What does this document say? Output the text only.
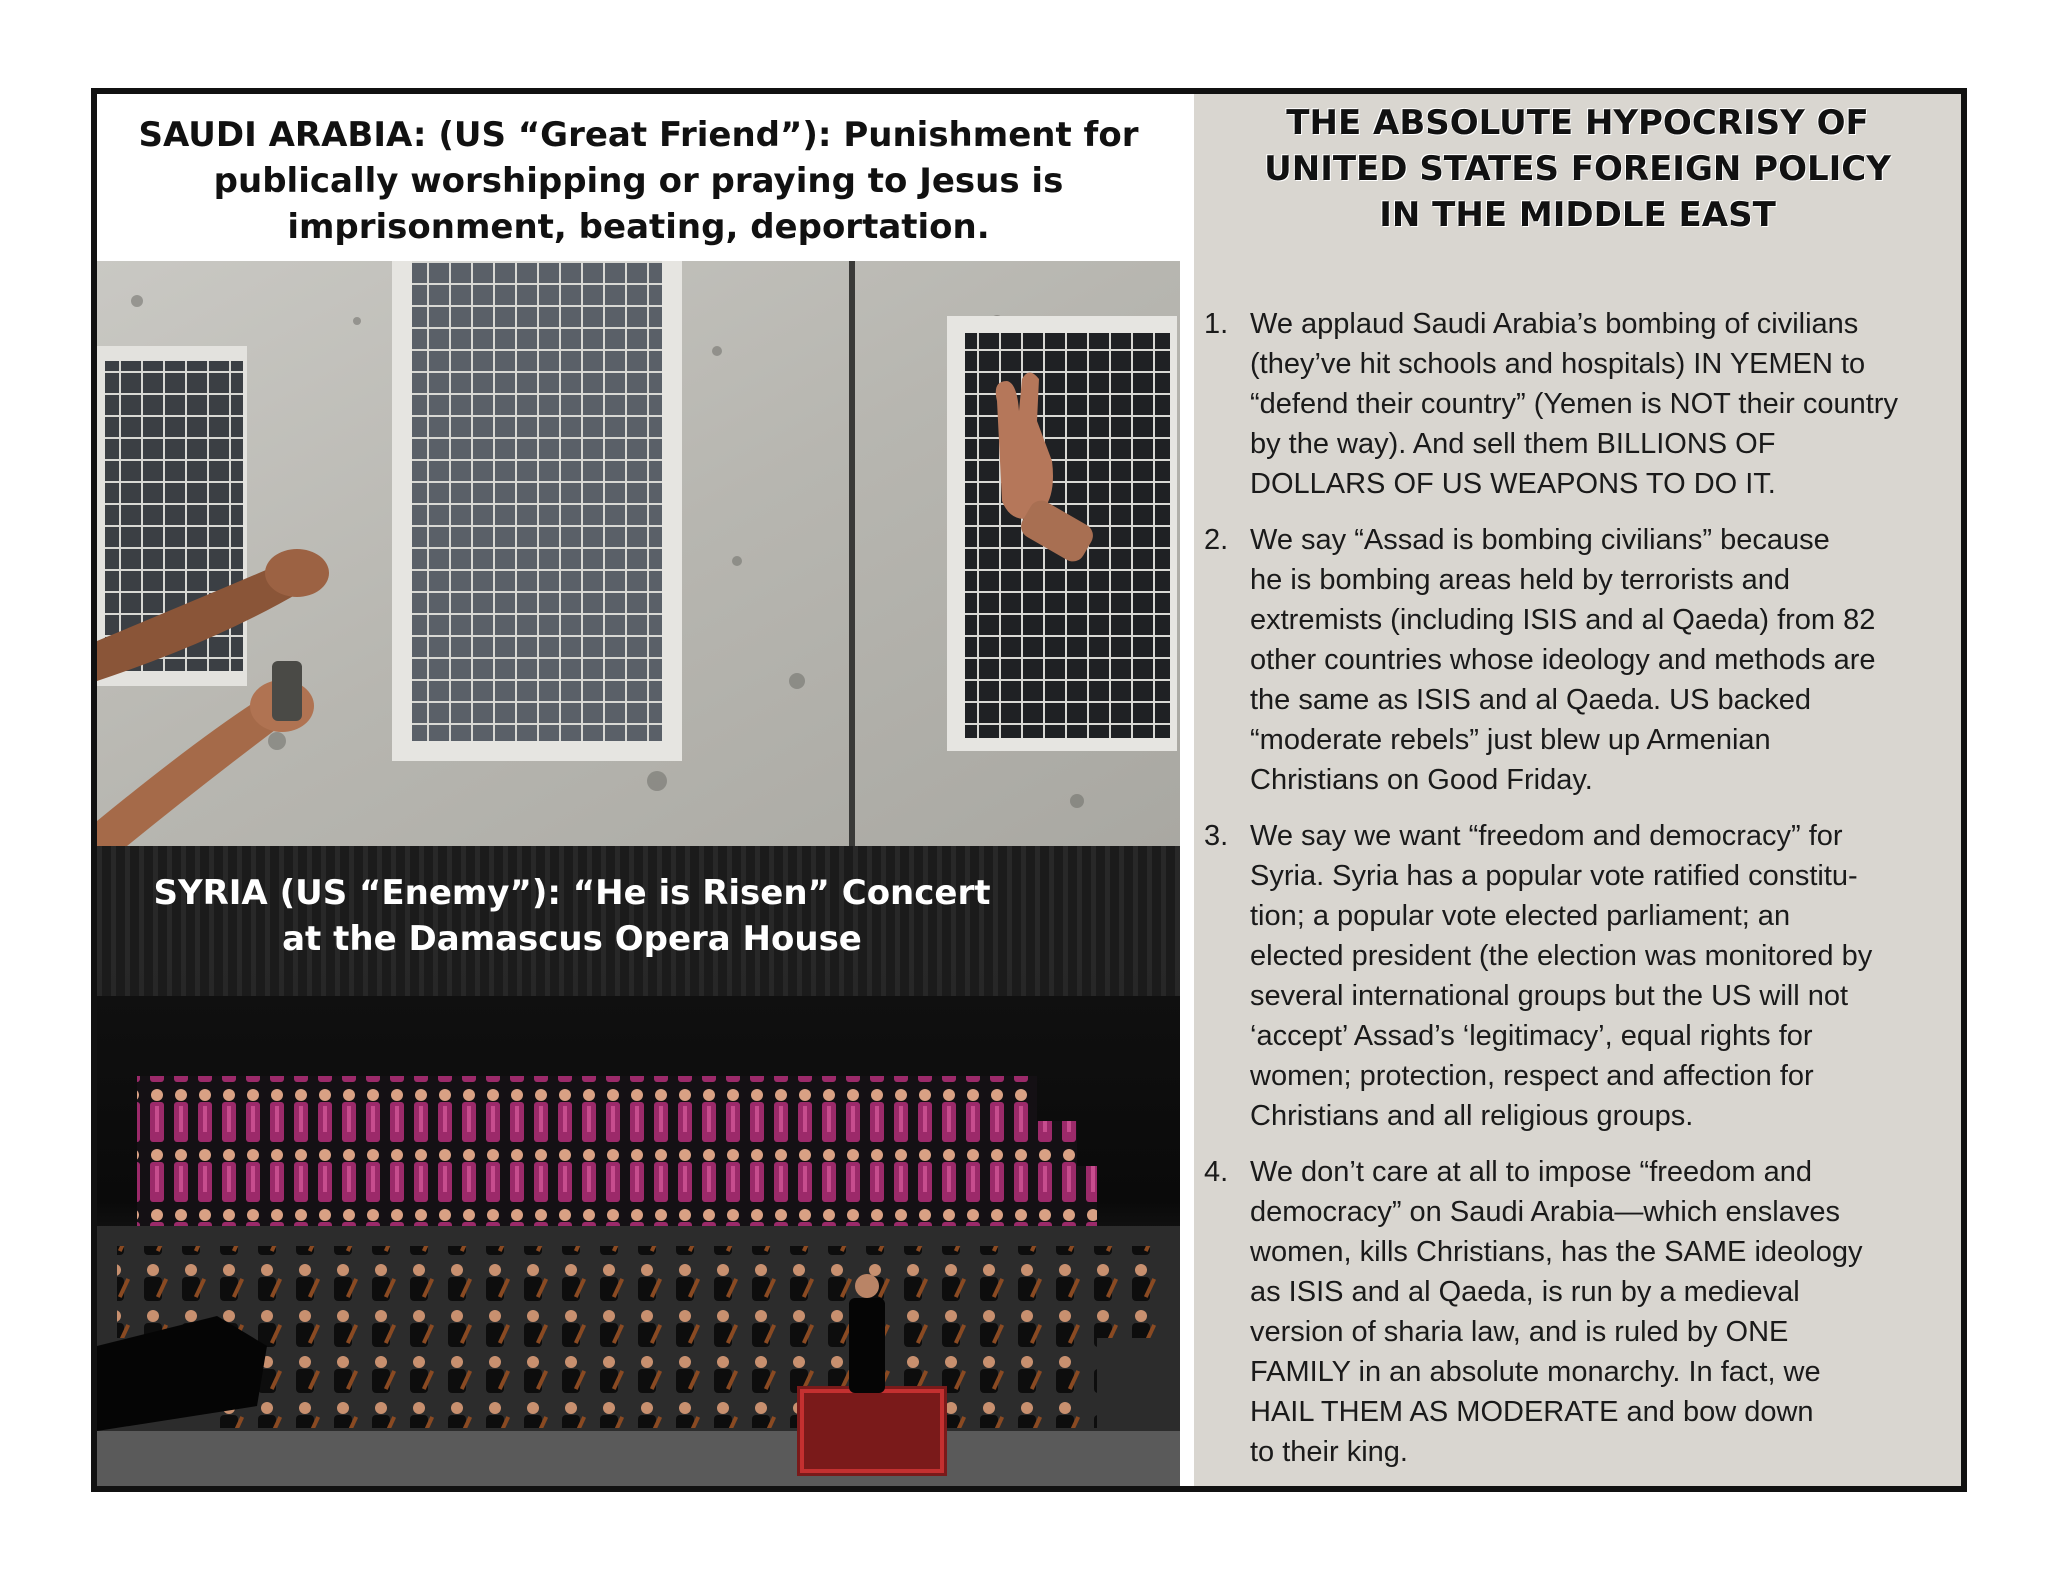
SAUDI ARABIA: (US “Great Friend”): Punishment for
publically worshipping or praying to Jesus is
imprisonment, beating, deportation.
SYRIA (US “Enemy”): “He is Risen” Concert
at the Damascus Opera House
THE ABSOLUTE HYPOCRISY OF
UNITED STATES FOREIGN POLICY
IN THE MIDDLE EAST
1. We applaud Saudi Arabia’s bombing of civilians
(they’ve hit schools and hospitals) IN YEMEN to
“defend their country” (Yemen is NOT their country
by the way). And sell them BILLIONS OF
DOLLARS OF US WEAPONS TO DO IT.
2. We say “Assad is bombing civilians” because
he is bombing areas held by terrorists and
extremists (including ISIS and al Qaeda) from 82
other countries whose ideology and methods are
the same as ISIS and al Qaeda. US backed
“moderate rebels” just blew up Armenian
Christians on Good Friday.
3. We say we want “freedom and democracy” for
Syria. Syria has a popular vote ratified constitu-
tion; a popular vote elected parliament; an
elected president (the election was monitored by
several international groups but the US will not
‘accept’ Assad’s ‘legitimacy’, equal rights for
women; protection, respect and affection for
Christians and all religious groups.
4. We don’t care at all to impose “freedom and
democracy” on Saudi Arabia—which enslaves
women, kills Christians, has the SAME ideology
as ISIS and al Qaeda, is run by a medieval
version of sharia law, and is ruled by ONE
FAMILY in an absolute monarchy. In fact, we
HAIL THEM AS MODERATE and bow down
to their king.
